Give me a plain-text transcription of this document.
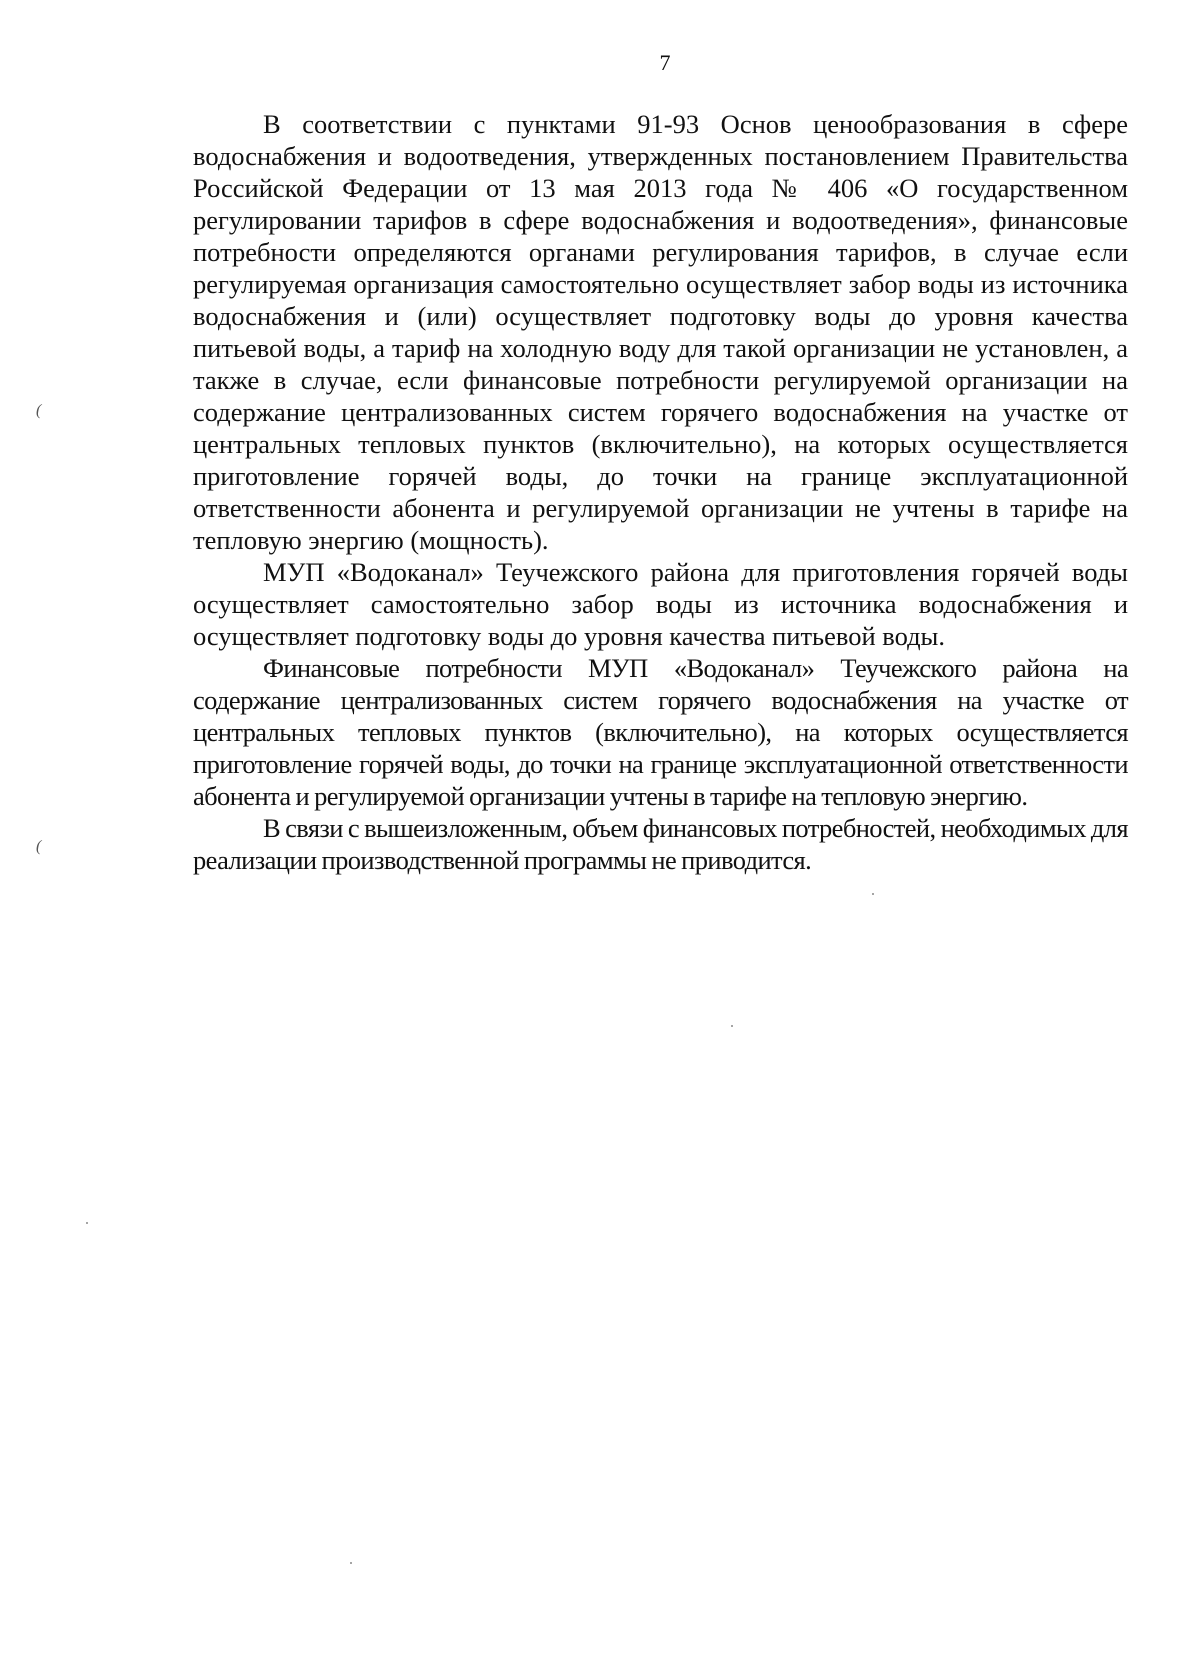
7

В соответствии с пунктами 91-93 Основ ценообразования в сфере водоснабжения и водоотведения, утвержденных постановлением Правительства Российской Федерации от 13 мая 2013 года № 406 «О государственном регулировании тарифов в сфере водоснабжения и водоотведения», финансовые потребности определяются органами регулирования тарифов, в случае если регулируемая организация самостоятельно осуществляет забор воды из источника водоснабжения и (или) осуществляет подготовку воды до уровня качества питьевой воды, а тариф на холодную воду для такой организации не установлен, а также в случае, если финансовые потребности регулируемой организации на содержание централизованных систем горячего водоснабжения на участке от центральных тепловых пунктов (включительно), на которых осуществляется приготовление горячей воды, до точки на границе эксплуатационной ответственности абонента и регулируемой организации не учтены в тарифе на тепловую энергию (мощность).

МУП «Водоканал» Теучежского района для приготовления горячей воды осуществляет самостоятельно забор воды из источника водоснабжения и осуществляет подготовку воды до уровня качества питьевой воды.

Финансовые потребности МУП «Водоканал» Теучежского района на содержание централизованных систем горячего водоснабжения на участке от центральных тепловых пунктов (включительно), на которых осуществляется приготовление горячей воды, до точки на границе эксплуатационной ответственности абонента и регулируемой организации учтены в тарифе на тепловую энергию.

В связи с вышеизложенным, объем финансовых потребностей, необходимых для реализации производственной программы не приводится.

(
(
